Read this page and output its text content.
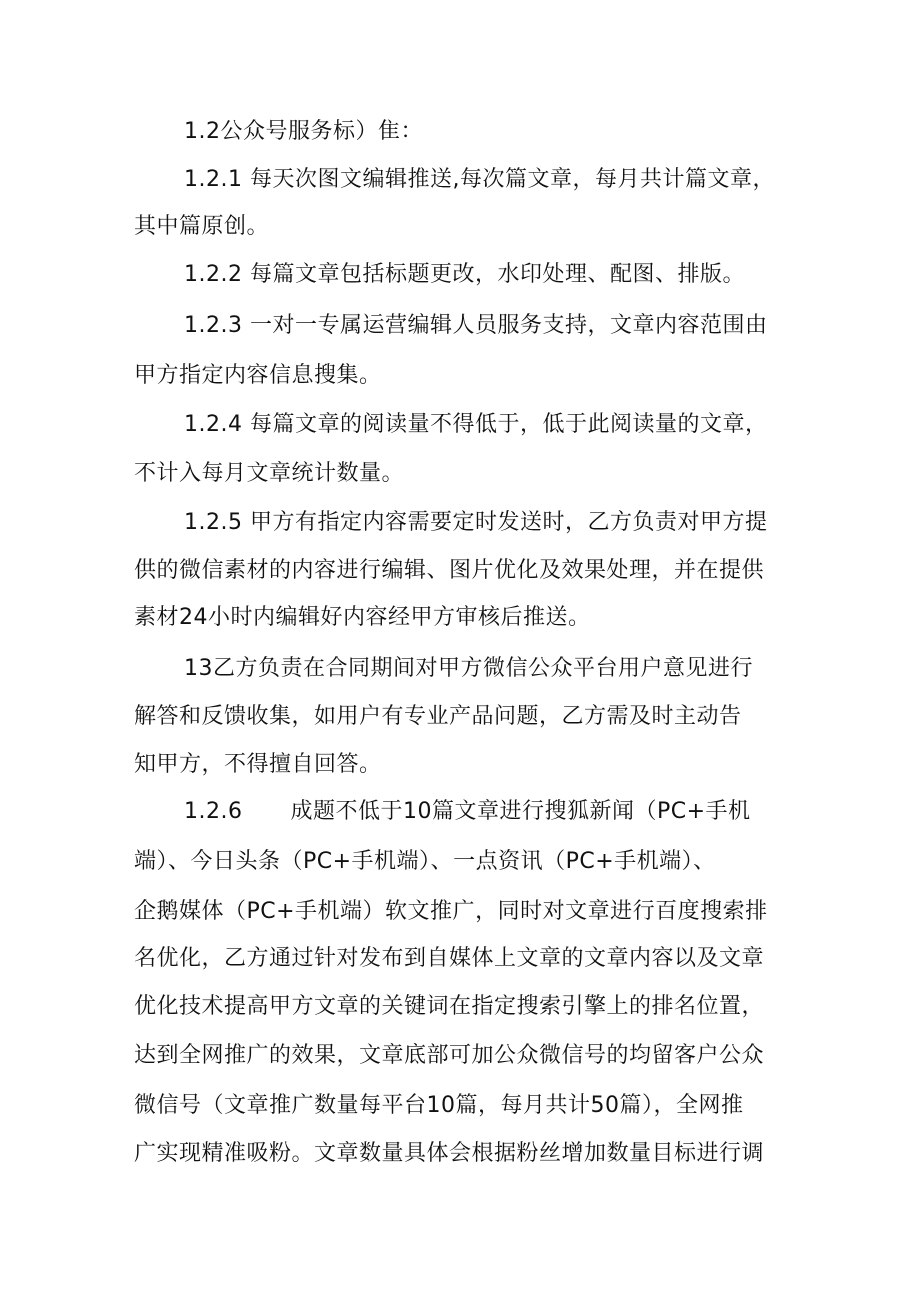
1.2公众号服务标）隹：
1.2.1 每天次图文编辑推送,每次篇文章，每月共计篇文章，
其中篇原创。
1.2.2 每篇文章包括标题更改，水印处理、配图、排版。
1.2.3 一对一专属运营编辑人员服务支持，文章内容范围由
甲方指定内容信息搜集。
1.2.4 每篇文章的阅读量不得低于，低于此阅读量的文章，
不计入每月文章统计数量。
1.2.5 甲方有指定内容需要定时发送时，乙方负责对甲方提
供的微信素材的内容进行编辑、图片优化及效果处理，并在提供
素材24小时内编辑好内容经甲方审核后推送。
13乙方负责在合同期间对甲方微信公众平台用户意见进行
解答和反馈收集，如用户有专业产品问题，乙方需及时主动告
知甲方，不得擅自回答。
1.2.6 成题不低于10篇文章进行搜狐新闻（PC+手机
端）、今日头条（PC+手机端）、一点资讯（PC+手机端）、
企鹅媒体（PC+手机端）软文推广，同时对文章进行百度搜索排
名优化，乙方通过针对发布到自媒体上文章的文章内容以及文章
优化技术提高甲方文章的关键词在指定搜索引擎上的排名位置，
达到全网推广的效果，文章底部可加公众微信号的均留客户公众
微信号（文章推广数量每平台10篇，每月共计50篇），全网推
广实现精准吸粉。文章数量具体会根据粉丝增加数量目标进行调
